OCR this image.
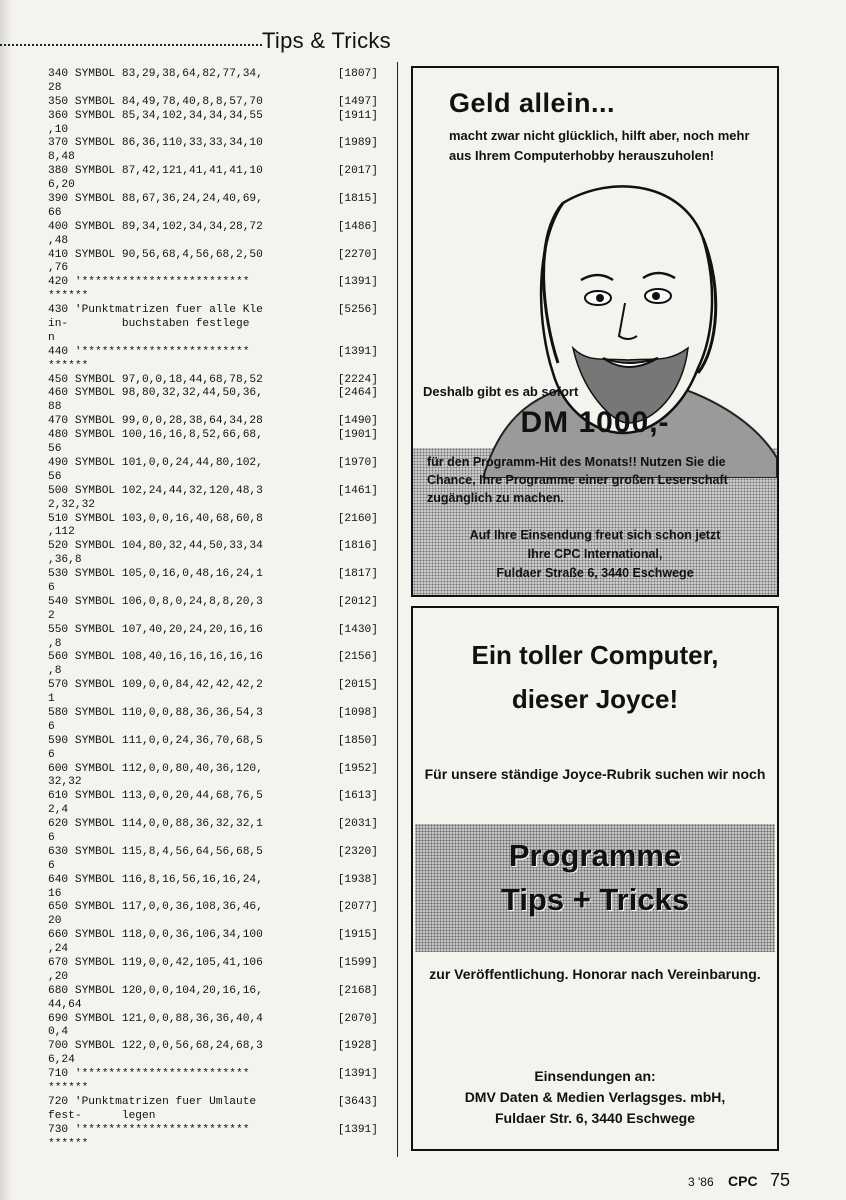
Tips & Tricks
340 SYMBOL 83,29,38,64,82,77,34,	[1807]
28
350 SYMBOL 84,49,78,40,8,8,57,70	[1497]
360 SYMBOL 85,34,102,34,34,34,55	[1911]
,10
370 SYMBOL 86,36,110,33,33,34,10	[1989]
8,48
380 SYMBOL 87,42,121,41,41,41,10	[2017]
6,20
390 SYMBOL 88,67,36,24,24,40,69,	[1815]
66
400 SYMBOL 89,34,102,34,34,28,72	[1486]
,48
410 SYMBOL 90,56,68,4,56,68,2,50	[2270]
,76
420 '*************************	[1391]
******
430 'Punktmatrizen fuer alle Kle	[5256]
in-        buchstaben festlege
n
440 '*************************	[1391]
******
450 SYMBOL 97,0,0,18,44,68,78,52	[2224]
460 SYMBOL 98,80,32,32,44,50,36,	[2464]
88
470 SYMBOL 99,0,0,28,38,64,34,28	[1490]
480 SYMBOL 100,16,16,8,52,66,68,	[1901]
56
490 SYMBOL 101,0,0,24,44,80,102,	[1970]
56
500 SYMBOL 102,24,44,32,120,48,3	[1461]
2,32,32
510 SYMBOL 103,0,0,16,40,68,60,8	[2160]
,112
520 SYMBOL 104,80,32,44,50,33,34	[1816]
,36,8
530 SYMBOL 105,0,16,0,48,16,24,1	[1817]
6
540 SYMBOL 106,0,8,0,24,8,8,20,3	[2012]
2
550 SYMBOL 107,40,20,24,20,16,16	[1430]
,8
560 SYMBOL 108,40,16,16,16,16,16	[2156]
,8
570 SYMBOL 109,0,0,84,42,42,42,2	[2015]
1
580 SYMBOL 110,0,0,88,36,36,54,3	[1098]
6
590 SYMBOL 111,0,0,24,36,70,68,5	[1850]
6
600 SYMBOL 112,0,0,80,40,36,120,	[1952]
32,32
610 SYMBOL 113,0,0,20,44,68,76,5	[1613]
2,4
620 SYMBOL 114,0,0,88,36,32,32,1	[2031]
6
630 SYMBOL 115,8,4,56,64,56,68,5	[2320]
6
640 SYMBOL 116,8,16,56,16,16,24,	[1938]
16
650 SYMBOL 117,0,0,36,108,36,46,	[2077]
20
660 SYMBOL 118,0,0,36,106,34,100	[1915]
,24
670 SYMBOL 119,0,0,42,105,41,106	[1599]
,20
680 SYMBOL 120,0,0,104,20,16,16,	[2168]
44,64
690 SYMBOL 121,0,0,88,36,36,40,4	[2070]
0,4
700 SYMBOL 122,0,0,56,68,24,68,3	[1928]
6,24
710 '*************************	[1391]
******
720 'Punktmatrizen fuer Umlaute	[3643]
fest-      legen
730 '*************************	[1391]
******
Geld allein...
macht zwar nicht glücklich, hilft aber, noch mehr aus Ihrem Computerhobby herauszuholen!
Deshalb gibt es ab sofort
DM 1000,-
für den Programm-Hit des Monats!! Nutzen Sie die Chance, Ihre Programme einer großen Leserschaft zugänglich zu machen.
Auf Ihre Einsendung freut sich schon jetzt
Ihre CPC International,
Fuldaer Straße 6, 3440 Eschwege
Ein toller Computer,
dieser Joyce!
Für unsere ständige Joyce-Rubrik suchen wir noch
Programme
Tips + Tricks
zur Veröffentlichung. Honorar nach Vereinbarung.
Einsendungen an:
DMV Daten & Medien Verlagsges. mbH,
Fuldaer Str. 6, 3440 Eschwege
3 '86 CPC 75
